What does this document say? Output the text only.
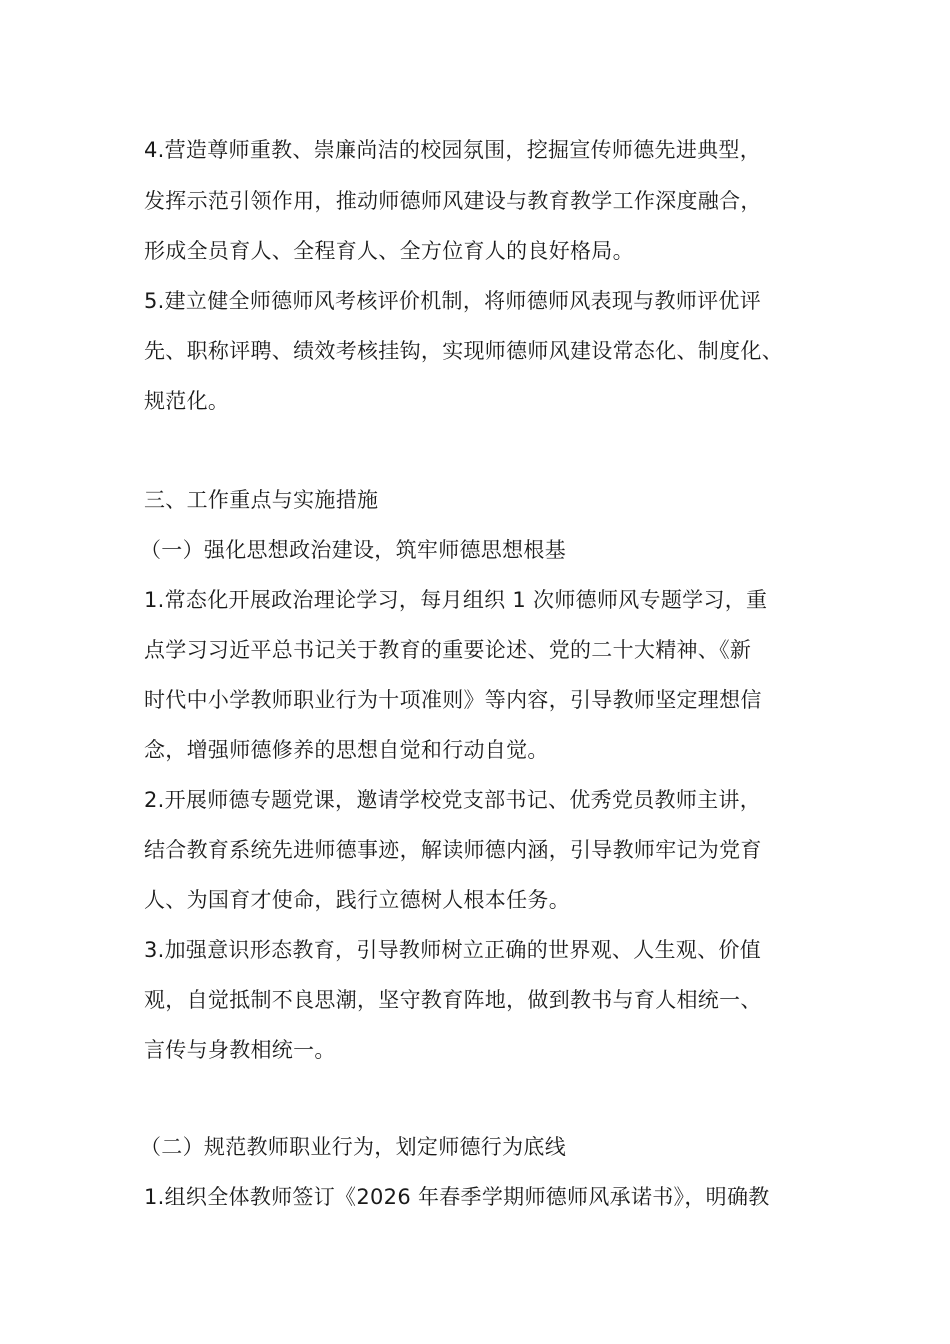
4.营造尊师重教、崇廉尚洁的校园氛围，挖掘宣传师德先进典型，
发挥示范引领作用，推动师德师风建设与教育教学工作深度融合，
形成全员育人、全程育人、全方位育人的良好格局。
5.建立健全师德师风考核评价机制，将师德师风表现与教师评优评
先、职称评聘、绩效考核挂钩，实现师德师风建设常态化、制度化、
规范化。
三、工作重点与实施措施
（一）强化思想政治建设，筑牢师德思想根基
1.常态化开展政治理论学习，每月组织 1 次师德师风专题学习，重
点学习习近平总书记关于教育的重要论述、党的二十大精神、《新
时代中小学教师职业行为十项准则》等内容，引导教师坚定理想信
念，增强师德修养的思想自觉和行动自觉。
2.开展师德专题党课，邀请学校党支部书记、优秀党员教师主讲，
结合教育系统先进师德事迹，解读师德内涵，引导教师牢记为党育
人、为国育才使命，践行立德树人根本任务。
3.加强意识形态教育，引导教师树立正确的世界观、人生观、价值
观，自觉抵制不良思潮，坚守教育阵地，做到教书与育人相统一、
言传与身教相统一。
（二）规范教师职业行为，划定师德行为底线
1.组织全体教师签订《2026 年春季学期师德师风承诺书》，明确教
